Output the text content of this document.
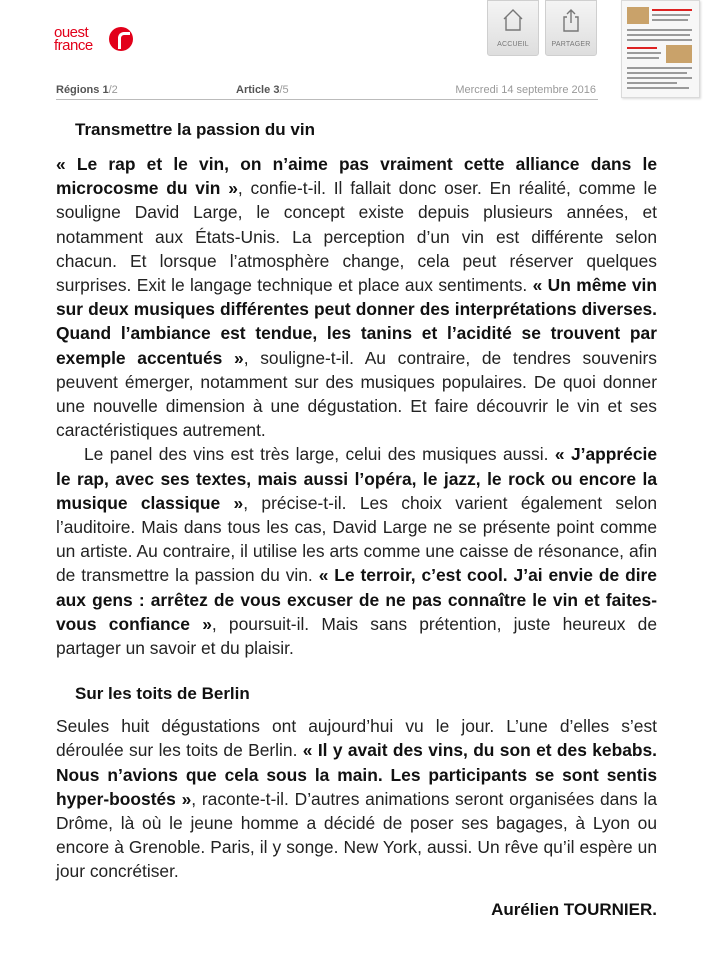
ouest
france	ACCUEIL	PARTAGER
Régions 1/2	Article 3/5	Mercredi 14 septembre 2016
Transmettre la passion du vin

« Le rap et le vin, on n’aime pas vraiment cette alliance dans le microcosme du vin », confie-t-il. Il fallait donc oser. En réalité, comme le souligne David Large, le concept existe depuis plusieurs années, et notamment aux États-Unis. La perception d’un vin est différente selon chacun. Et lorsque l’atmosphère change, cela peut réserver quelques surprises. Exit le langage technique et place aux sentiments. « Un même vin sur deux musiques différentes peut donner des interprétations diverses. Quand l’ambiance est tendue, les tanins et l’acidité se trouvent par exemple accentués », souligne-t-il. Au contraire, de tendres souvenirs peuvent émerger, notamment sur des musiques populaires. De quoi donner une nouvelle dimension à une dégustation. Et faire découvrir le vin et ses caractéristiques autrement.

Le panel des vins est très large, celui des musiques aussi. « J’apprécie le rap, avec ses textes, mais aussi l’opéra, le jazz, le rock ou encore la musique classique », précise-t-il. Les choix varient également selon l’auditoire. Mais dans tous les cas, David Large ne se présente point comme un artiste. Au contraire, il utilise les arts comme une caisse de résonance, afin de transmettre la passion du vin. « Le terroir, c’est cool. J’ai envie de dire aux gens : arrêtez de vous excuser de ne pas connaître le vin et faites-vous confiance », poursuit-il. Mais sans prétention, juste heureux de partager un savoir et du plaisir.

Sur les toits de Berlin

Seules huit dégustations ont aujourd’hui vu le jour. L’une d’elles s’est déroulée sur les toits de Berlin. « Il y avait des vins, du son et des kebabs. Nous n’avions que cela sous la main. Les participants se sont sentis hyper-boostés », raconte-t-il. D’autres animations seront organisées dans la Drôme, là où le jeune homme a décidé de poser ses bagages, à Lyon ou encore à Grenoble. Paris, il y songe. New York, aussi. Un rêve qu’il espère un jour concrétiser.

Aurélien TOURNIER.
